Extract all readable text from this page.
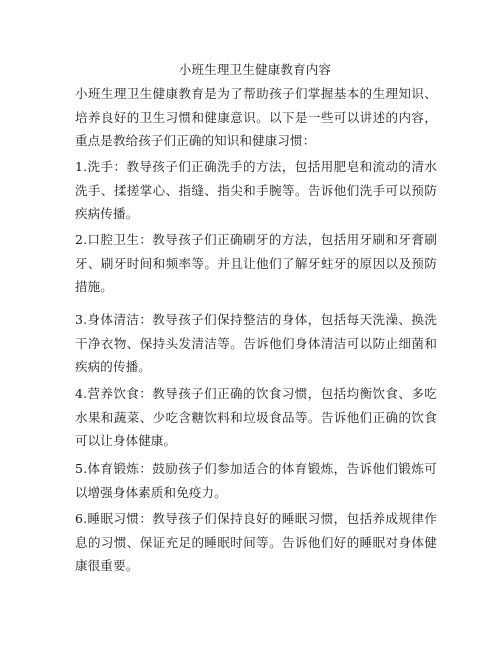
小班生理卫生健康教育内容
小班生理卫生健康教育是为了帮助孩子们掌握基本的生理知识、培养良好的卫生习惯和健康意识。以下是一些可以讲述的内容，重点是教给孩子们正确的知识和健康习惯：
1.洗手：教导孩子们正确洗手的方法，包括用肥皂和流动的清水洗手、揉搓掌心、指缝、指尖和手腕等。告诉他们洗手可以预防疾病传播。
2.口腔卫生：教导孩子们正确刷牙的方法，包括用牙刷和牙膏刷牙、刷牙时间和频率等。并且让他们了解牙蛀牙的原因以及预防措施。
3.身体清洁：教导孩子们保持整洁的身体，包括每天洗澡、换洗干净衣物、保持头发清洁等。告诉他们身体清洁可以防止细菌和疾病的传播。
4.营养饮食：教导孩子们正确的饮食习惯，包括均衡饮食、多吃水果和蔬菜、少吃含糖饮料和垃圾食品等。告诉他们正确的饮食可以让身体健康。
5.体育锻炼：鼓励孩子们参加适合的体育锻炼，告诉他们锻炼可以增强身体素质和免疫力。
6.睡眠习惯：教导孩子们保持良好的睡眠习惯，包括养成规律作息的习惯、保证充足的睡眠时间等。告诉他们好的睡眠对身体健康很重要。
